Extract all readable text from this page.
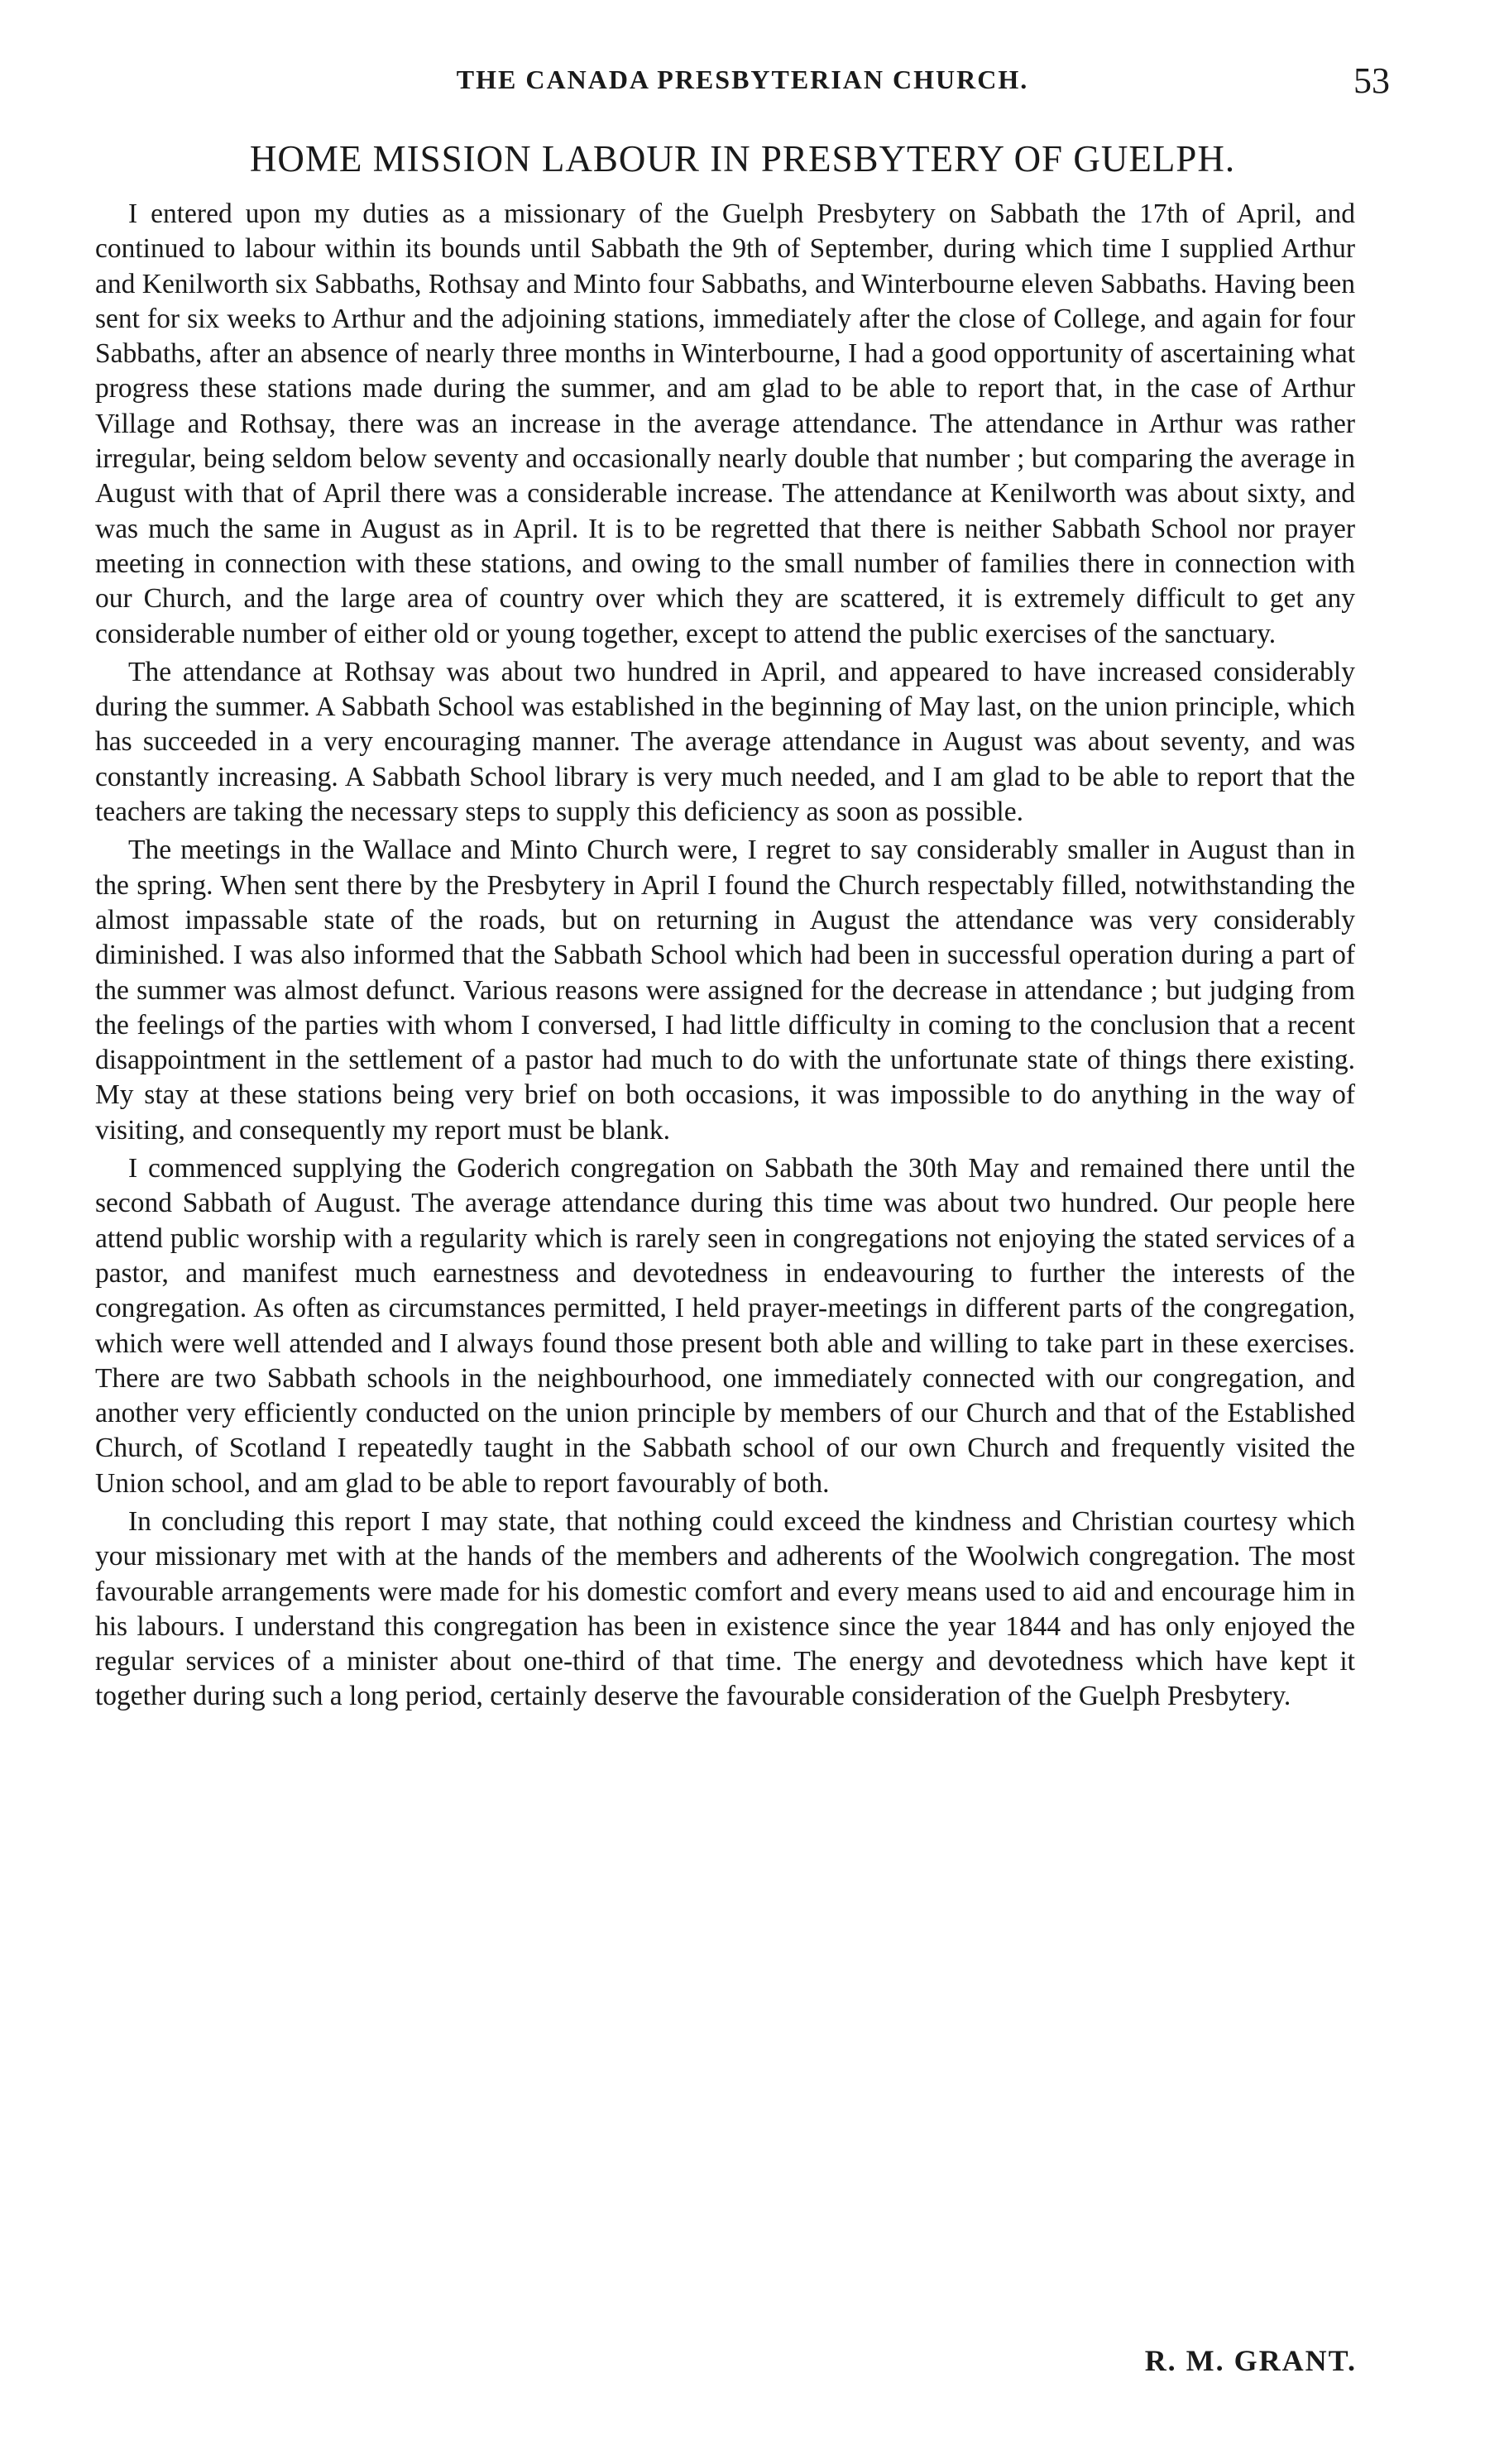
THE CANADA PRESBYTERIAN CHURCH.	53
HOME MISSION LABOUR IN PRESBYTERY OF GUELPH.

I entered upon my duties as a missionary of the Guelph Presbytery on Sabbath the 17th of April, and continued to labour within its bounds until Sabbath the 9th of September, during which time I supplied Arthur and Kenilworth six Sabbaths, Rothsay and Minto four Sabbaths, and Winterbourne eleven Sabbaths. Having been sent for six weeks to Arthur and the adjoining stations, immediately after the close of College, and again for four Sabbaths, after an absence of nearly three months in Winterbourne, I had a good opportunity of ascertaining what progress these stations made during the summer, and am glad to be able to report that, in the case of Arthur Village and Rothsay, there was an increase in the average attendance. The attendance in Arthur was rather irregular, being seldom below seventy and occasionally nearly double that number ; but comparing the average in August with that of April there was a considerable increase. The attendance at Kenilworth was about sixty, and was much the same in August as in April. It is to be regretted that there is neither Sabbath School nor prayer meeting in connection with these stations, and owing to the small number of families there in connection with our Church, and the large area of country over which they are scattered, it is extremely difficult to get any considerable number of either old or young together, except to attend the public exercises of the sanctuary.

The attendance at Rothsay was about two hundred in April, and appeared to have increased considerably during the summer. A Sabbath School was established in the beginning of May last, on the union principle, which has succeeded in a very encouraging manner. The average attendance in August was about seventy, and was constantly increasing. A Sabbath School library is very much needed, and I am glad to be able to report that the teachers are taking the necessary steps to supply this deficiency as soon as possible.

The meetings in the Wallace and Minto Church were, I regret to say considerably smaller in August than in the spring. When sent there by the Presbytery in April I found the Church respectably filled, notwithstanding the almost impassable state of the roads, but on returning in August the attendance was very considerably diminished. I was also informed that the Sabbath School which had been in successful operation during a part of the summer was almost defunct. Various reasons were assigned for the decrease in attendance ; but judging from the feelings of the parties with whom I conversed, I had little difficulty in coming to the conclusion that a recent disappointment in the settlement of a pastor had much to do with the unfortunate state of things there existing. My stay at these stations being very brief on both occasions, it was impossible to do anything in the way of visiting, and consequently my report must be blank.

I commenced supplying the Goderich congregation on Sabbath the 30th May and remained there until the second Sabbath of August. The average attendance during this time was about two hundred. Our people here attend public worship with a regularity which is rarely seen in congregations not enjoying the stated services of a pastor, and manifest much earnestness and devotedness in endeavouring to further the interests of the congregation. As often as circumstances permitted, I held prayer-meetings in different parts of the congregation, which were well attended and I always found those present both able and willing to take part in these exercises. There are two Sabbath schools in the neighbourhood, one immediately connected with our congregation, and another very efficiently conducted on the union principle by members of our Church and that of the Established Church, of Scotland I repeatedly taught in the Sabbath school of our own Church and frequently visited the Union school, and am glad to be able to report favourably of both.

In concluding this report I may state, that nothing could exceed the kindness and Christian courtesy which your missionary met with at the hands of the members and adherents of the Woolwich congregation. The most favourable arrangements were made for his domestic comfort and every means used to aid and encourage him in his labours. I understand this congregation has been in existence since the year 1844 and has only enjoyed the regular services of a minister about one-third of that time. The energy and devotedness which have kept it together during such a long period, certainly deserve the favourable consideration of the Guelph Presbytery.

R. M. GRANT.
